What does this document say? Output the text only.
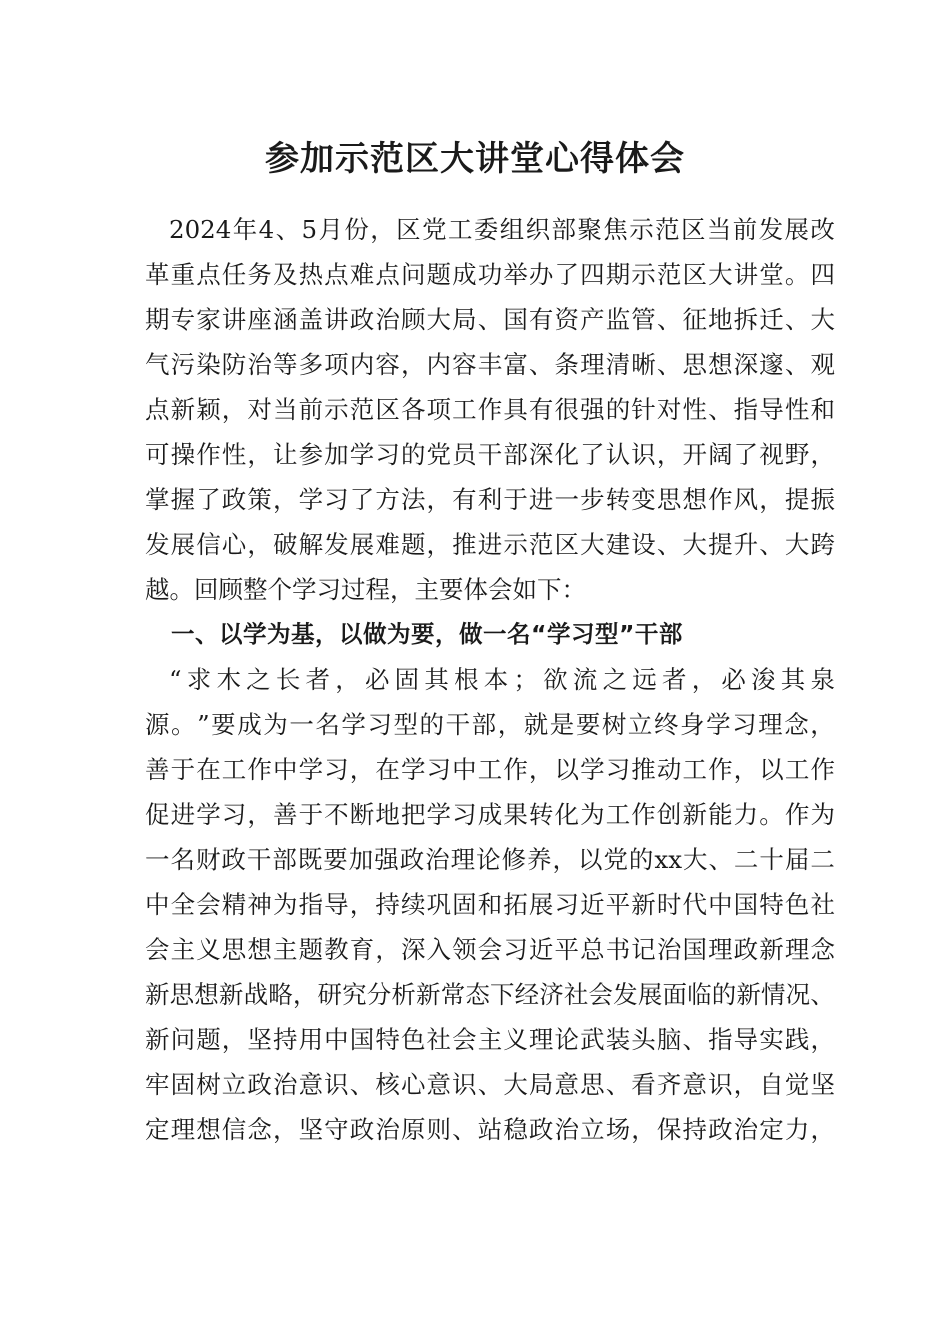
参加示范区大讲堂心得体会
2024 年 4 、 5 月 份 ， 区 党 工 委 组 织 部 聚 焦 示 范 区 当 前 发 展 改
革 重 点 任 务 及 热 点 难 点 问 题 成 功 举 办 了 四 期 示 范 区 大 讲 堂 。 四
期 专 家 讲 座 涵 盖 讲 政 治 顾 大 局 、 国 有 资 产 监 管 、 征 地 拆 迁 、 大
气 污 染 防 治 等 多 项 内 容 ， 内 容 丰 富 、 条 理 清 晰 、 思 想 深 邃 、 观
点 新 颖 ， 对 当 前 示 范 区 各 项 工 作 具 有 很 强 的 针 对 性 、 指 导 性 和
可 操 作 性 ， 让 参 加 学 习 的 党 员 干 部 深 化 了 认 识 ， 开 阔 了 视 野 ，
掌 握 了 政 策 ， 学 习 了 方 法 ， 有 利 于 进 一 步 转 变 思 想 作 风 ， 提 振
发 展 信 心 ， 破 解 发 展 难 题 ， 推 进 示 范 区 大 建 设 、 大 提 升 、 大 跨
越。回顾整个学习过程，主要体会如下：
一、以学为基，以做为要，做一名“学习型”干部
“ 求 木 之 长 者 ， 必 固 其 根 本 ； 欲 流 之 远 者 ， 必 浚 其 泉
源 。 ” 要 成 为 一 名 学 习 型 的 干 部 ， 就 是 要 树 立 终 身 学 习 理 念 ，
善 于 在 工 作 中 学 习 ， 在 学 习 中 工 作 ， 以 学 习 推 动 工 作 ， 以 工 作
促 进 学 习 ， 善 于 不 断 地 把 学 习 成 果 转 化 为 工 作 创 新 能 力 。 作 为
一 名 财 政 干 部 既 要 加 强 政 治 理 论 修 养 ， 以 党 的 xx 大 、 二 十 届 二
中 全 会 精 神 为 指 导 ， 持 续 巩 固 和 拓 展 习 近 平 新 时 代 中 国 特 色 社
会 主 义 思 想 主 题 教 育 ， 深 入 领 会 习 近 平 总 书 记 治 国 理 政 新 理 念
新 思 想 新 战 略 ， 研 究 分 析 新 常 态 下 经 济 社 会 发 展 面 临 的 新 情 况 、
新 问 题 ， 坚 持 用 中 国 特 色 社 会 主 义 理 论 武 装 头 脑 、 指 导 实 践 ，
牢 固 树 立 政 治 意 识 、 核 心 意 识 、 大 局 意 思 、 看 齐 意 识 ， 自 觉 坚
定 理 想 信 念 ， 坚 守 政 治 原 则 、 站 稳 政 治 立 场 ， 保 持 政 治 定 力 ，
